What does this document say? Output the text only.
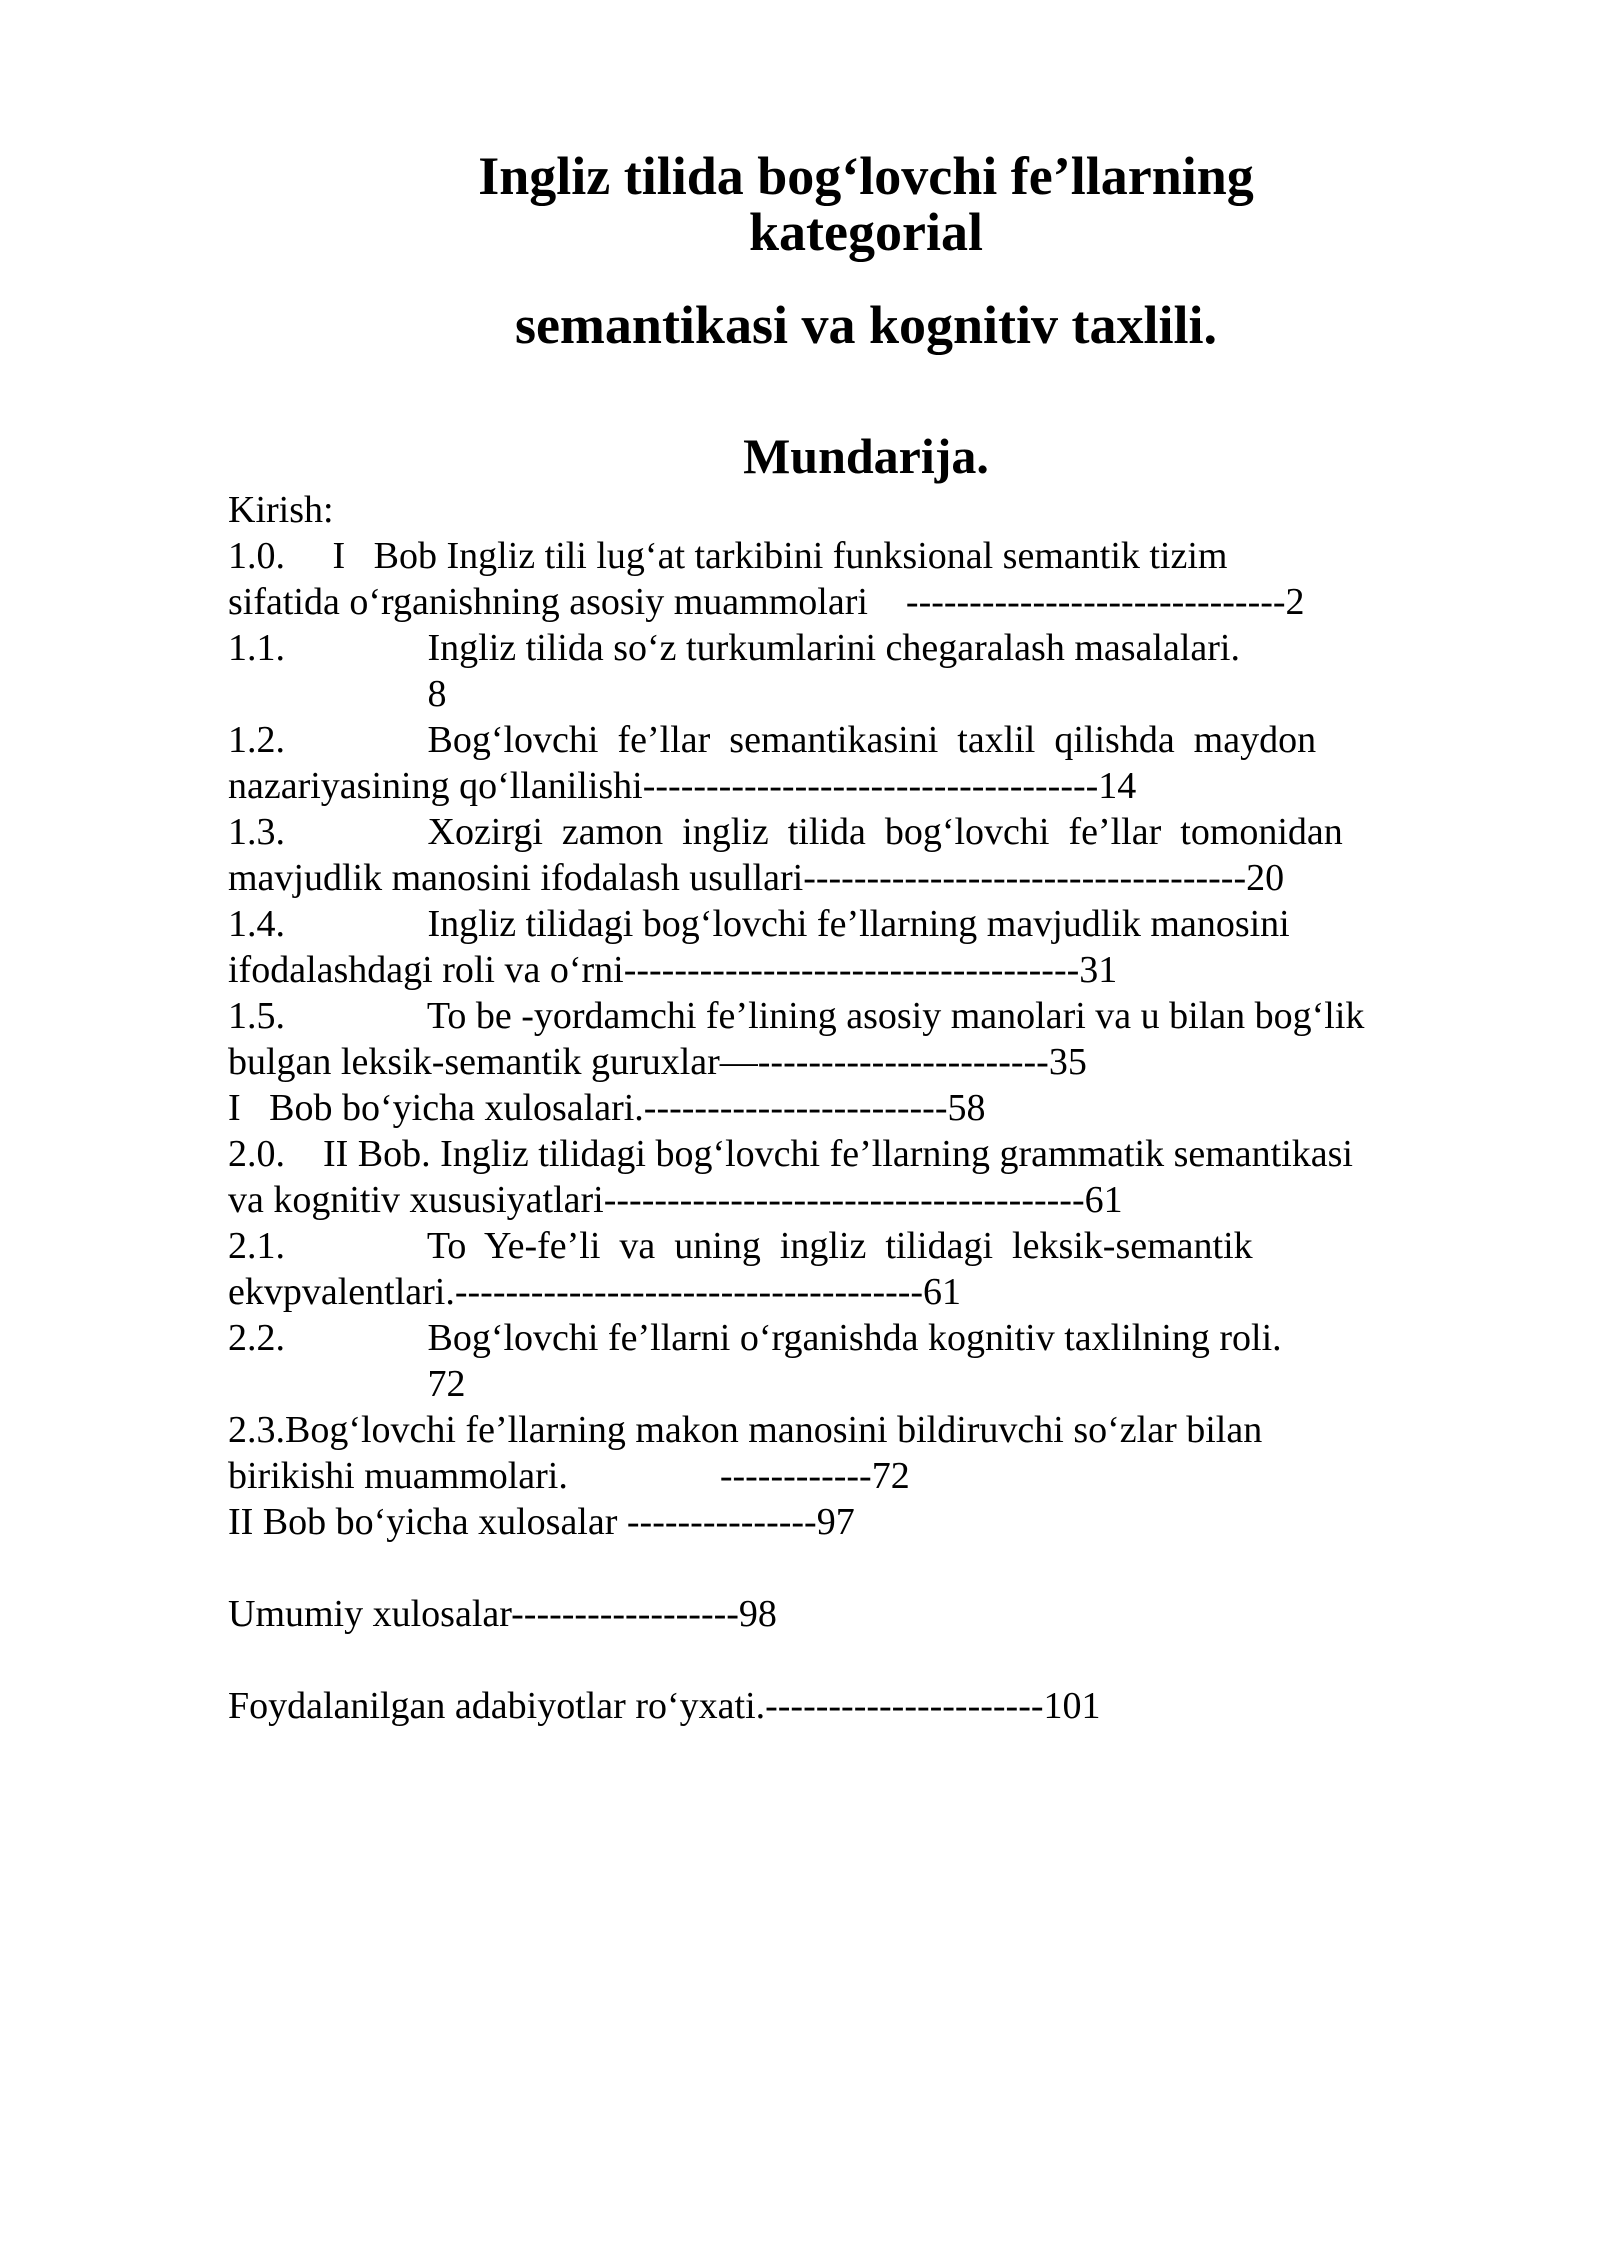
Ingliz tilida bog‘lovchi fe’llarning kategorial
semantikasi va kognitiv taxlili.
Mundarija.
Kirish:
1.0.     I   Bob Ingliz tili lug‘at tarkibini funksional semantik tizim
sifatida o‘rganishning asosiy muammolari    ------------------------------2
1.1.               Ingliz tilida so‘z turkumlarini chegaralash masalalari.
8
1.2.               Bog‘lovchi  fe’llar  semantikasini  taxlil  qilishda  maydon
nazariyasining qo‘llanilishi------------------------------------14
1.3.               Xozirgi  zamon  ingliz  tilida  bog‘lovchi  fe’llar  tomonidan
mavjudlik manosini ifodalash usullari-----------------------------------20
1.4.               Ingliz tilidagi bog‘lovchi fe’llarning mavjudlik manosini
ifodalashdagi roli va o‘rni------------------------------------31
1.5.               To be -yordamchi fe’lining asosiy manolari va u bilan bog‘lik
bulgan leksik-semantik guruxlar—-----------------------35
I   Bob bo‘yicha xulosalari.------------------------58
2.0.    II Bob. Ingliz tilidagi bog‘lovchi fe’llarning grammatik semantikasi
va kognitiv xususiyatlari--------------------------------------61
2.1.               To  Ye-fe’li  va  uning  ingliz  tilidagi  leksik-semantik
ekvpvalentlari.-------------------------------------61
2.2.               Bog‘lovchi fe’llarni o‘rganishda kognitiv taxlilning roli.
72
2.3.Bog‘lovchi fe’llarning makon manosini bildiruvchi so‘zlar bilan
birikishi muammolari.                ------------72
II Bob bo‘yicha xulosalar ---------------97
Umumiy xulosalar------------------98
Foydalanilgan adabiyotlar ro‘yxati.----------------------101
